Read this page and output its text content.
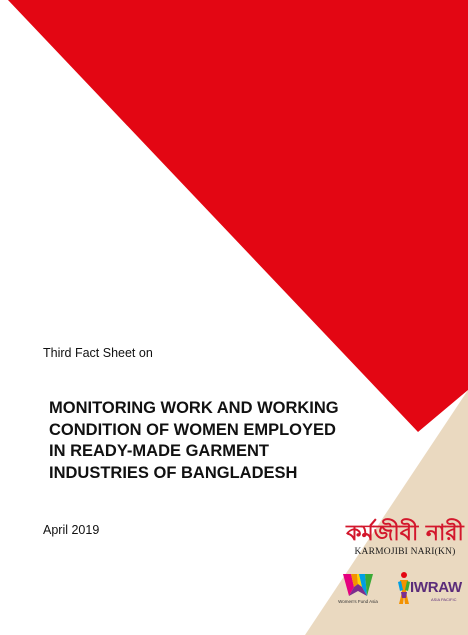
Third Fact Sheet on
MONITORING WORK AND WORKING
CONDITION OF WOMEN EMPLOYED
IN READY-MADE GARMENT
INDUSTRIES OF BANGLADESH
April 2019	কর্মজীবী নারী
KARMOJIBI NARI(KN)
Women's Fund Asia
IWRAW
ASIA PACIFIC
